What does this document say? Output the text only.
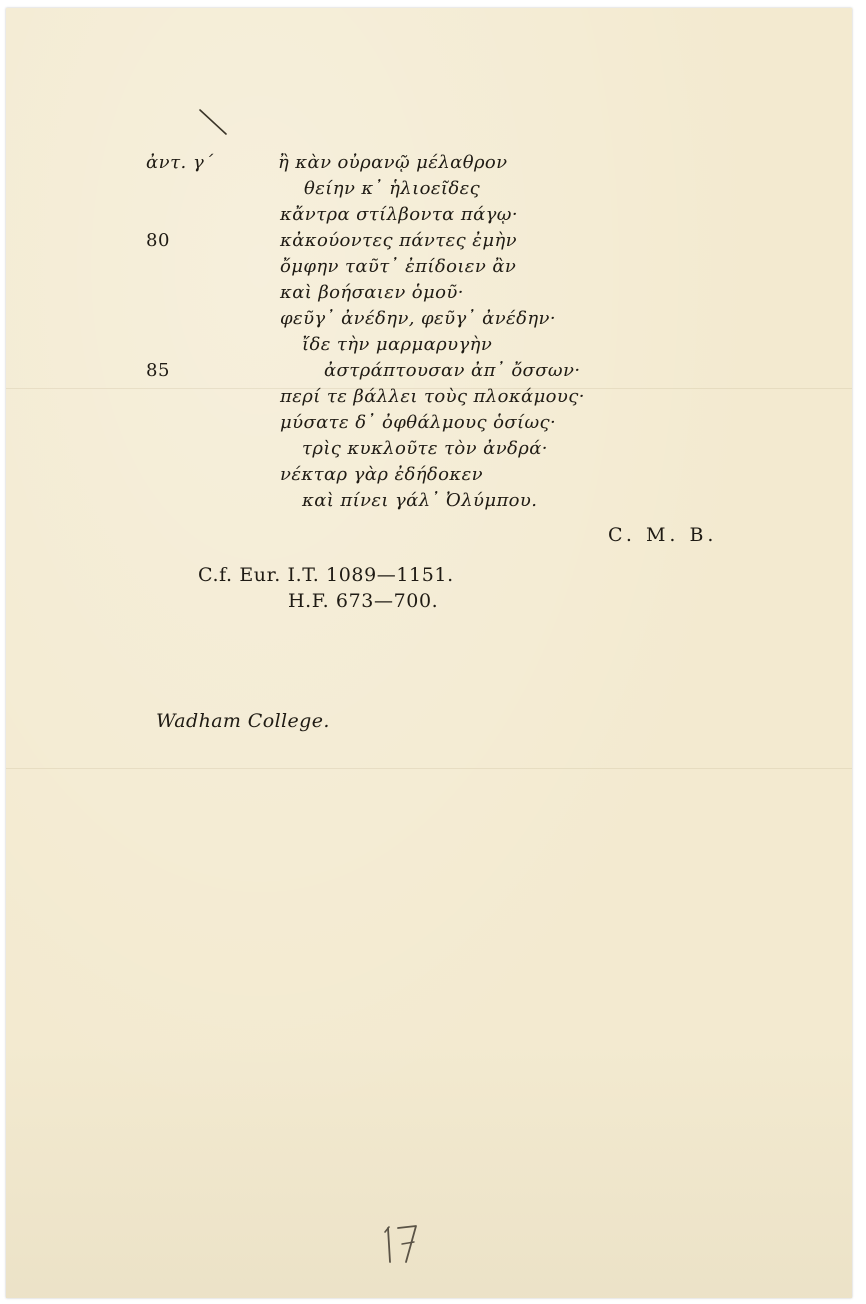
ἀντ. γ΄
80
85
ἢ κὰν οὐρανῷ μέλαθρον
θείην κ᾽ ἡλιοεῖδες
κἄντρα στίλβοντα πάγῳ·
κἀκούοντες πάντες ἐμὴν
ὄμφην ταῦτ᾽ ἐπίδοιεν ἂν
καὶ βοήσαιεν ὁμοῦ·
φεῦγ᾽ ἀνέδην, φεῦγ᾽ ἀνέδην·
ἴδε τὴν μαρμαρυγὴν
ἀστράπτουσαν ἀπ᾽ ὄσσων·
περί τε βάλλει τοὺς πλοκάμους·
μύσατε δ᾽ ὀφθάλμους ὁσίως·
τρὶς κυκλοῦτε τὸν ἀνδρά·
νέκταρ γὰρ ἐδήδοκεν
καὶ πίνει γάλ᾽ Ὀλύμπου.
C. M. B.
C.f. Eur. I.T. 1089—1151.
H.F. 673—700.
Wadham College.
